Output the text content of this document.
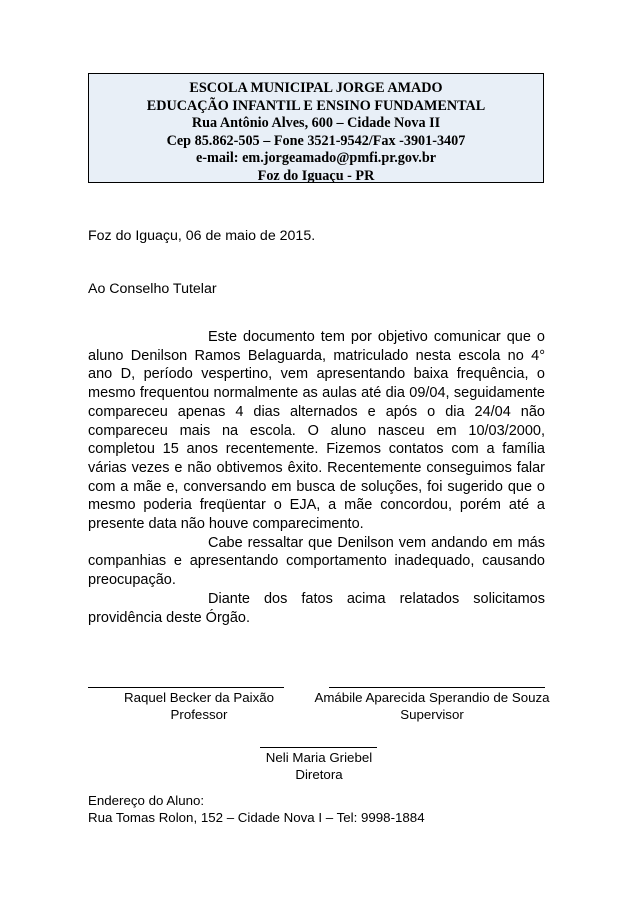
ESCOLA MUNICIPAL JORGE AMADO
EDUCAÇÃO INFANTIL E ENSINO FUNDAMENTAL
Rua Antônio Alves, 600 – Cidade Nova II
Cep 85.862-505 – Fone 3521-9542/Fax -3901-3407
e-mail: em.jorgeamado@pmfi.pr.gov.br
Foz do Iguaçu - PR
Foz do Iguaçu, 06 de maio de 2015.
Ao Conselho Tutelar

Este documento tem por objetivo comunicar que o aluno Denilson Ramos Belaguarda, matriculado nesta escola no 4° ano D, período vespertino, vem apresentando baixa frequência, o mesmo frequentou normalmente as aulas até dia 09/04, seguidamente compareceu apenas 4 dias alternados e após o dia 24/04 não compareceu mais na escola. O aluno nasceu em 10/03/2000, completou 15 anos recentemente. Fizemos contatos com a família várias vezes e não obtivemos êxito. Recentemente conseguimos falar com a mãe e, conversando em busca de soluções, foi sugerido que o mesmo poderia freqüentar o EJA, a mãe concordou, porém até a presente data não houve comparecimento.

Cabe ressaltar que Denilson vem andando em más companhias e apresentando comportamento inadequado, causando preocupação.

Diante dos fatos acima relatados solicitamos providência deste Órgão.

Raquel Becker da Paixão
Professor
Amábile Aparecida Sperandio de Souza
Supervisor
Neli Maria Griebel
Diretora
Endereço do Aluno:
Rua Tomas Rolon, 152 – Cidade Nova I – Tel: 9998-1884
